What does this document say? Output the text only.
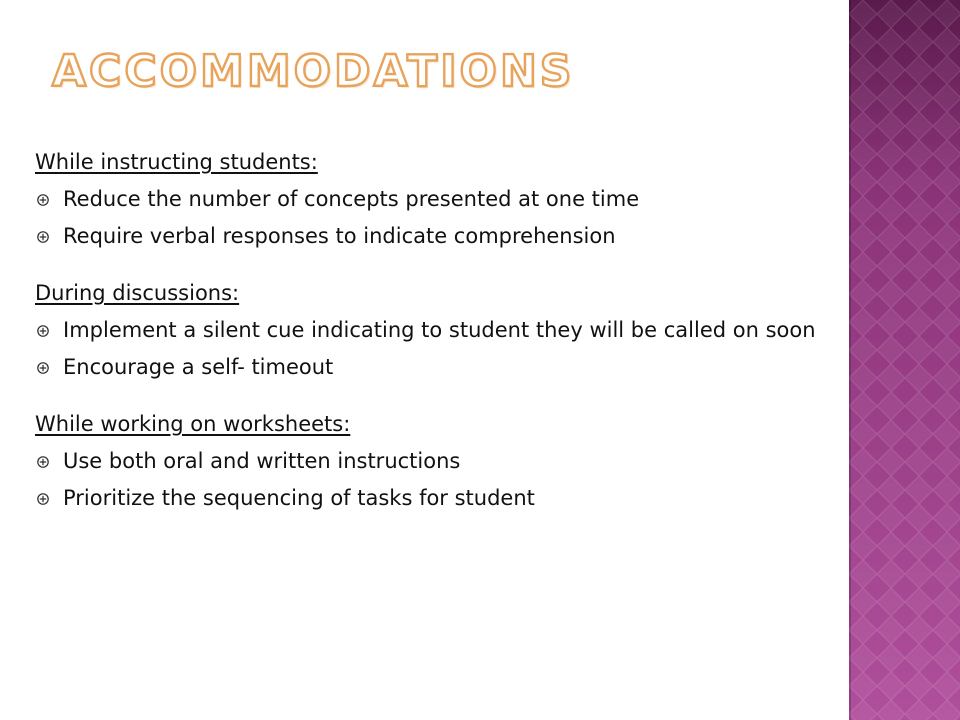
ACCOMMODATIONS
While instructing students:
Reduce the number of concepts presented at one time
Require verbal responses to indicate comprehension
During discussions:
Implement a silent cue indicating to student they will be called on soon
Encourage a self- timeout
While working on worksheets:
Use both oral and written instructions
Prioritize the sequencing of tasks for student
